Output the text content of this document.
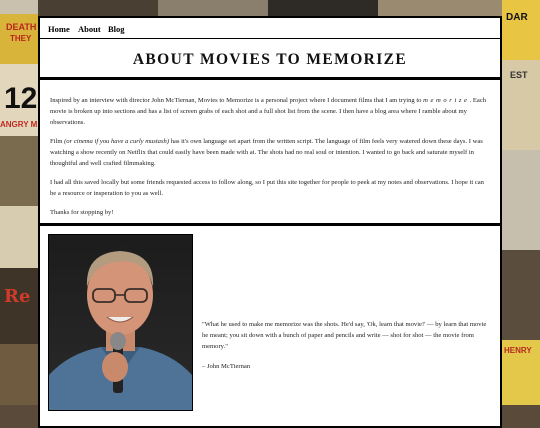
DEATH
THEY
12
ANGRY M
Re
DAR
EST
HENRY
Home About Blog
ABOUT MOVIES TO MEMORIZE

Inspired by an interview with director John McTiernan, Movies to Memorize is a personal project where I document films that I am trying to memorize. Each movie is broken up into sections and has a list of screen grabs of each shot and a full shot list from the scene. I then have a blog area where I ramble about my observations.

Film (or cinema if you have a curly mustash) has it's own language set apart from the written script. The language of film feels very watered down these days. I was watching a show recently on Netflix that could easily have been made with ai. The shots had no real soul or intention. I wanted to go back and saturate myself in thoughtful and well crafted filmmaking.

I had all this saved locally but some friends requested access to follow along, so I put this site together for people to peek at my notes and observations. I hope it can be a resource or insperation to you as well.

Thanks for stopping by!

"What he used to make me memorize was the shots. He'd say, 'Ok, learn that movie!' — by learn that movie he meant; you sit down with a bunch of paper and pencils and write — shot for shot — the movie from memory."

– John McTiernan
